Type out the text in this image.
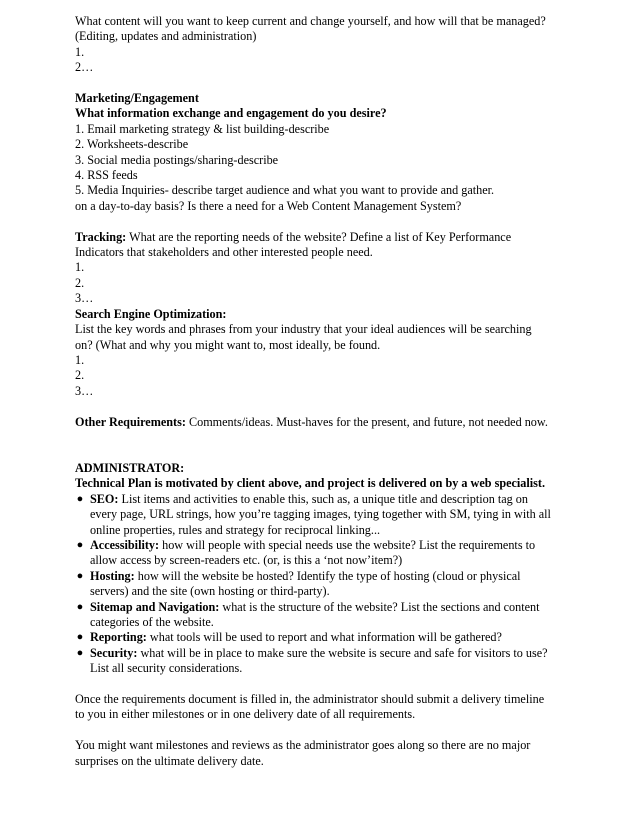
What content will you want to keep current and change yourself, and how will that be managed?
(Editing, updates and administration)
1.
2…
Marketing/Engagement
What information exchange and engagement do you desire?
1. Email marketing strategy & list building-describe
2. Worksheets-describe
3. Social media postings/sharing-describe
4. RSS feeds
5. Media Inquiries- describe target audience and what you want to provide and gather.
on a day-to-day basis? Is there a need for a Web Content Management System?
Tracking: What are the reporting needs of the website? Define a list of Key Performance
Indicators that stakeholders and other interested people need.
1.
2.
3…
Search Engine Optimization:
List the key words and phrases from your industry that your ideal audiences will be searching
on? (What and why you might want to, most ideally, be found.
1.
2.
3…
Other Requirements: Comments/ideas. Must-haves for the present, and future, not needed now.
ADMINISTRATOR:
Technical Plan is motivated by client above, and project is delivered on by a web specialist.
● SEO: List items and activities to enable this, such as, a unique title and description tag on
every page, URL strings, how you’re tagging images, tying together with SM, tying in with all
online properties, rules and strategy for reciprocal linking...
● Accessibility: how will people with special needs use the website? List the requirements to
allow access by screen-readers etc. (or, is this a ‘not now’item?)
● Hosting: how will the website be hosted? Identify the type of hosting (cloud or physical
servers) and the site (own hosting or third-party).
● Sitemap and Navigation: what is the structure of the website? List the sections and content
categories of the website.
● Reporting: what tools will be used to report and what information will be gathered?
● Security: what will be in place to make sure the website is secure and safe for visitors to use?
List all security considerations.
Once the requirements document is filled in, the administrator should submit a delivery timeline
to you in either milestones or in one delivery date of all requirements.
You might want milestones and reviews as the administrator goes along so there are no major
surprises on the ultimate delivery date.
